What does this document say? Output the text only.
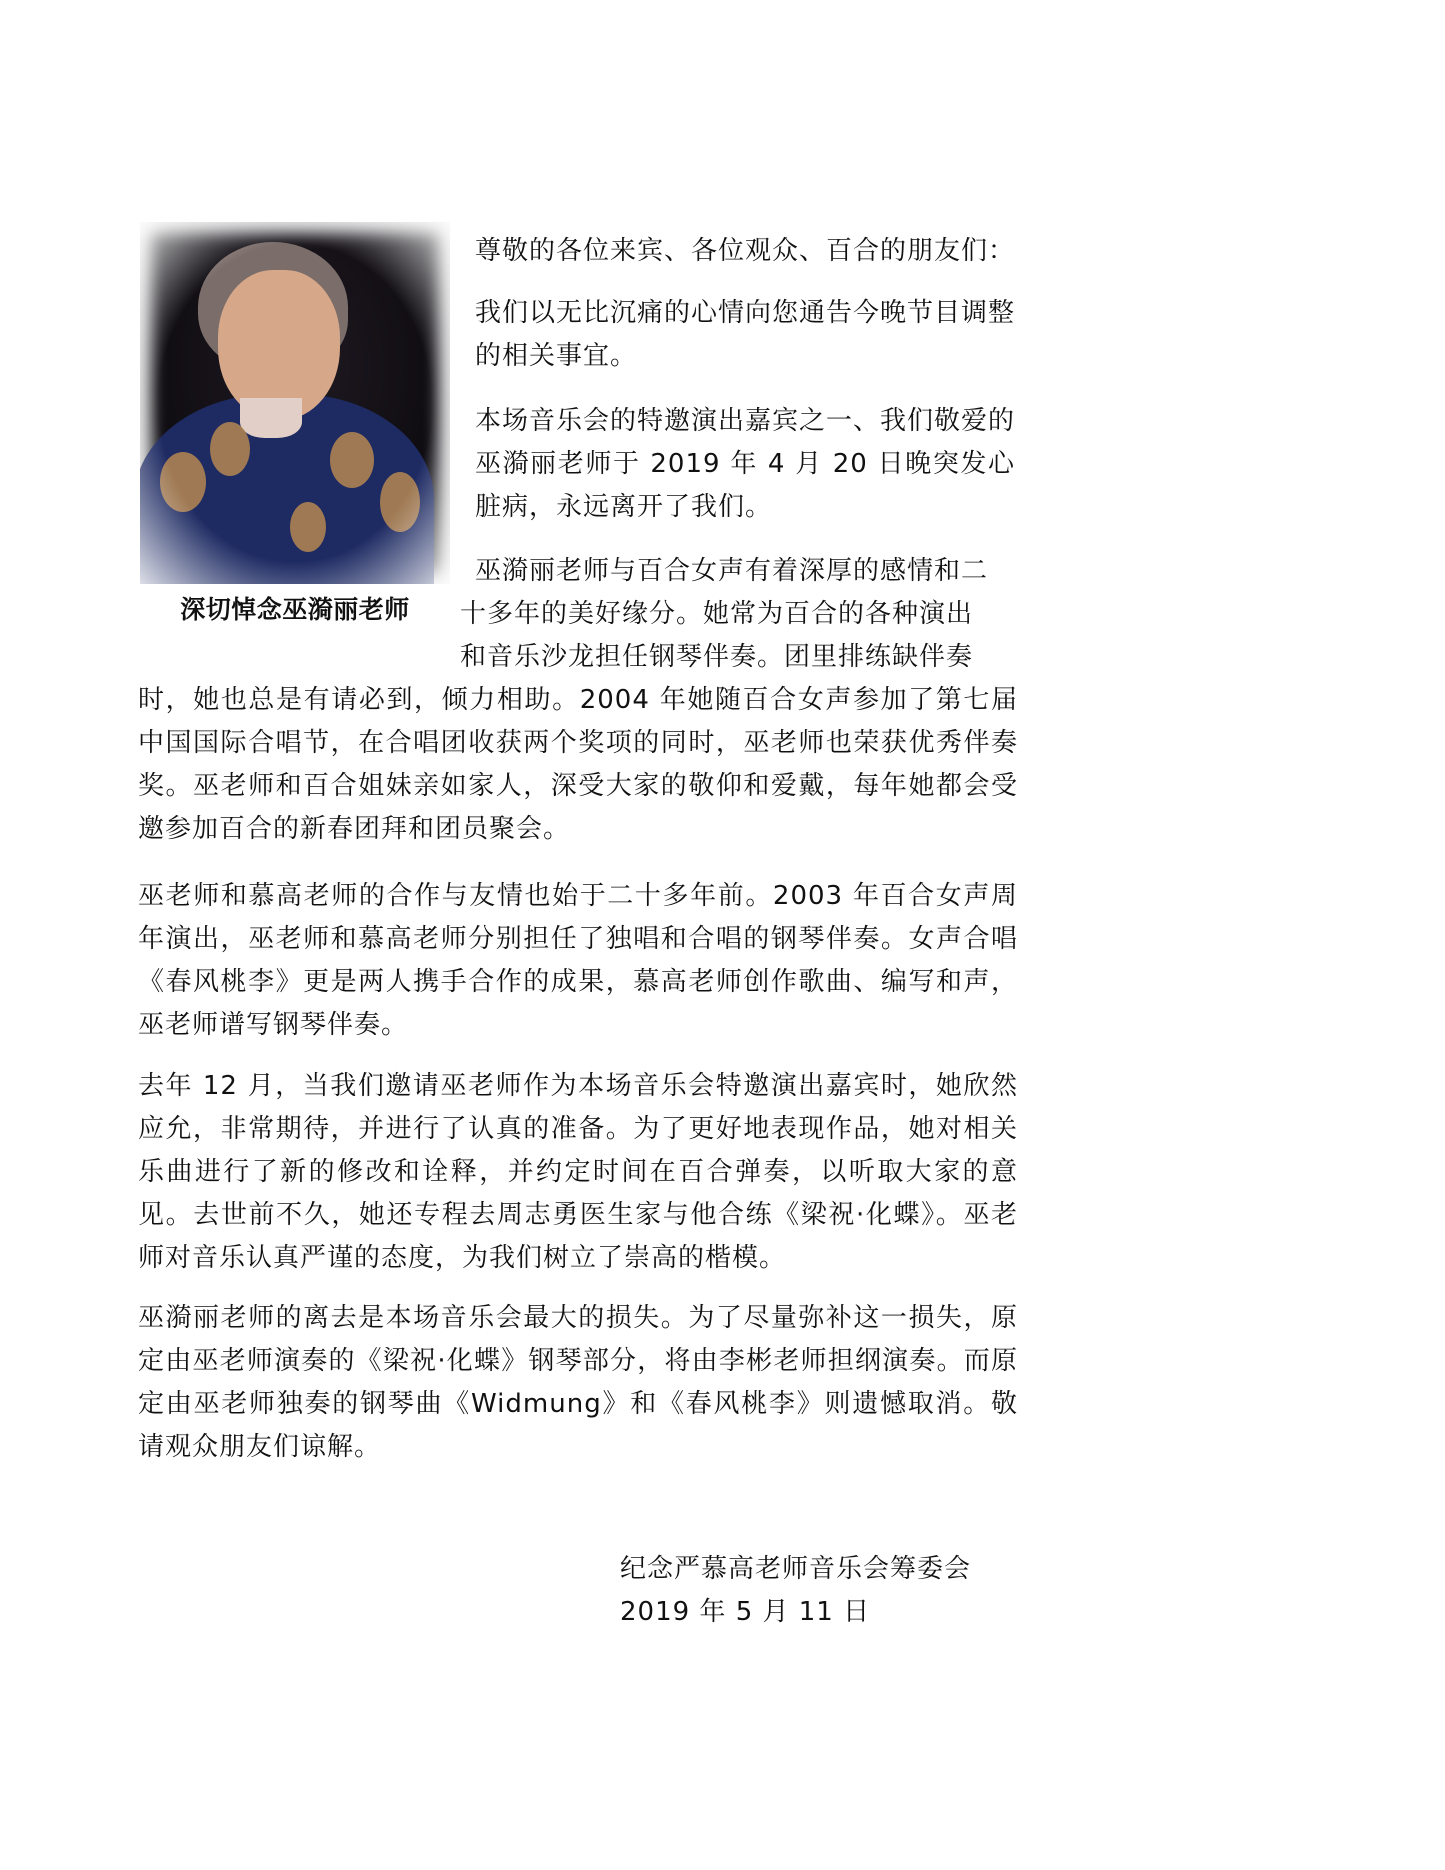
深切悼念巫漪丽老师

尊敬的各位来宾、各位观众、百合的朋友们：

我们以无比沉痛的心情向您通告今晚节目调整的相关事宜。

本场音乐会的特邀演出嘉宾之一、我们敬爱的巫漪丽老师于 2019 年 4 月 20 日晚突发心脏病，永远离开了我们。

巫漪丽老师与百合女声有着深厚的感情和二

十多年的美好缘分。她常为百合的各种演出

和音乐沙龙担任钢琴伴奏。团里排练缺伴奏

时，她也总是有请必到，倾力相助。2004 年她随百合女声参加了第七届中国国际合唱节，在合唱团收获两个奖项的同时，巫老师也荣获优秀伴奏奖。巫老师和百合姐妹亲如家人，深受大家的敬仰和爱戴，每年她都会受邀参加百合的新春团拜和团员聚会。

巫老师和慕高老师的合作与友情也始于二十多年前。2003 年百合女声周年演出，巫老师和慕高老师分别担任了独唱和合唱的钢琴伴奏。女声合唱《春风桃李》更是两人携手合作的成果，慕高老师创作歌曲、编写和声，巫老师谱写钢琴伴奏。

去年 12 月，当我们邀请巫老师作为本场音乐会特邀演出嘉宾时，她欣然应允，非常期待，并进行了认真的准备。为了更好地表现作品，她对相关乐曲进行了新的修改和诠释，并约定时间在百合弹奏，以听取大家的意见。去世前不久，她还专程去周志勇医生家与他合练《梁祝·化蝶》。巫老师对音乐认真严谨的态度，为我们树立了崇高的楷模。

巫漪丽老师的离去是本场音乐会最大的损失。为了尽量弥补这一损失，原定由巫老师演奏的《梁祝·化蝶》钢琴部分，将由李彬老师担纲演奏。而原定由巫老师独奏的钢琴曲《Widmung》和《春风桃李》则遗憾取消。敬请观众朋友们谅解。

纪念严慕高老师音乐会筹委会
2019 年 5 月 11 日
